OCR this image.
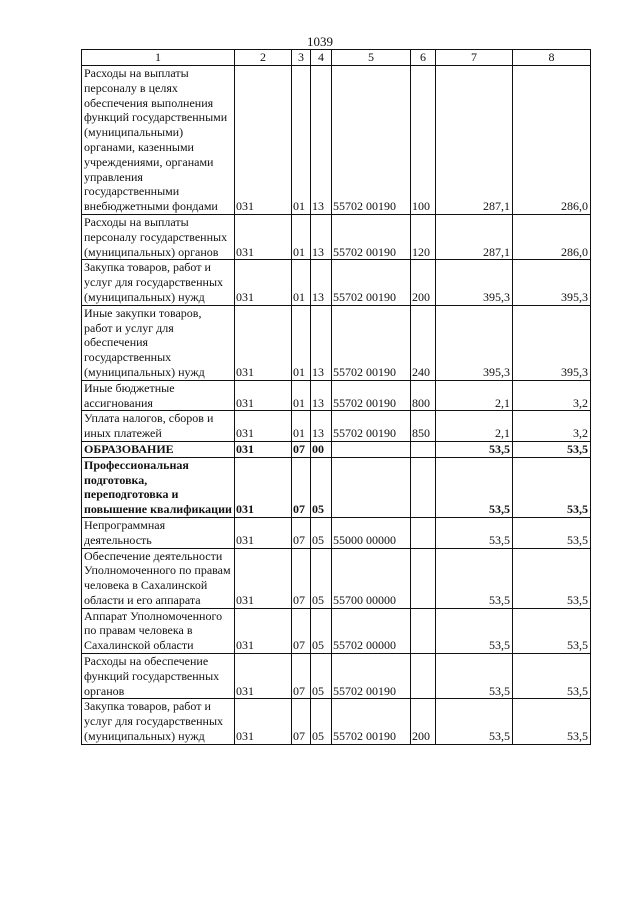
1039
1	2	3	4	5	6	7	8
Расходы на выплаты персоналу в целях обеспечения выполнения функций государственными (муниципальными) органами, казенными учреждениями, органами управления государственными внебюджетными фондами	031	01	13	55702 00190	100	287,1	286,0
Расходы на выплаты персоналу государственных (муниципальных) органов	031	01	13	55702 00190	120	287,1	286,0
Закупка товаров, работ и услуг для государственных (муниципальных) нужд	031	01	13	55702 00190	200	395,3	395,3
Иные закупки товаров, работ и услуг для обеспечения государственных (муниципальных) нужд	031	01	13	55702 00190	240	395,3	395,3
Иные бюджетные ассигнования	031	01	13	55702 00190	800	2,1	3,2
Уплата налогов, сборов и иных платежей	031	01	13	55702 00190	850	2,1	3,2
ОБРАЗОВАНИЕ	031	07	00			53,5	53,5
Профессиональная подготовка, переподготовка и повышение квалификации	031	07	05			53,5	53,5
Непрограммная деятельность	031	07	05	55000 00000		53,5	53,5
Обеспечение деятельности Уполномоченного по правам человека в Сахалинской области и его аппарата	031	07	05	55700 00000		53,5	53,5
Аппарат Уполномоченного по правам человека в Сахалинской области	031	07	05	55702 00000		53,5	53,5
Расходы на обеспечение функций государственных органов	031	07	05	55702 00190		53,5	53,5
Закупка товаров, работ и услуг для государственных (муниципальных) нужд	031	07	05	55702 00190	200	53,5	53,5
